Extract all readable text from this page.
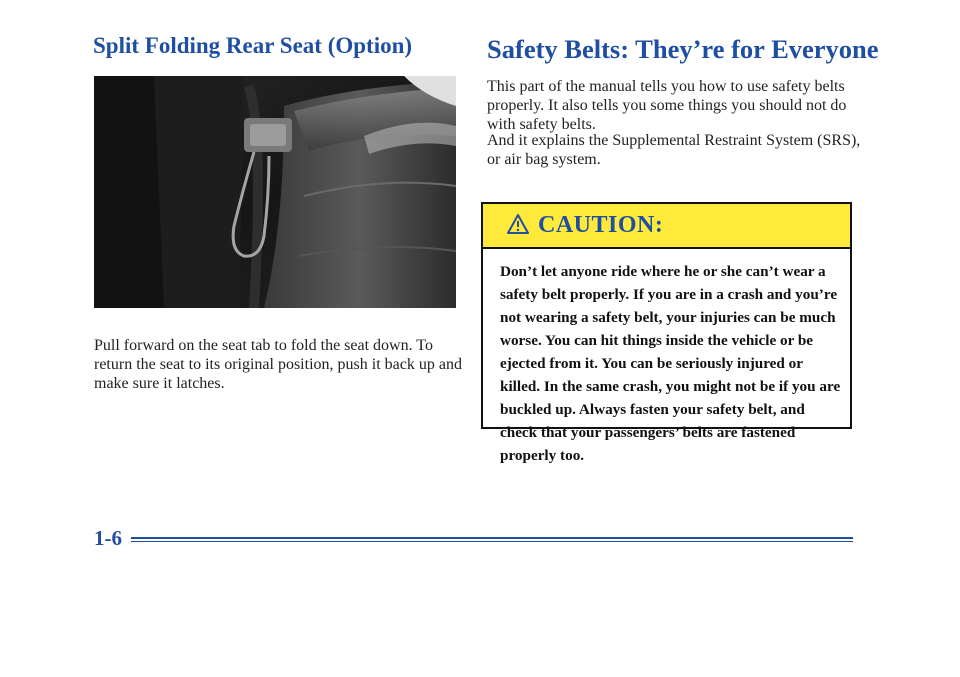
Split Folding Rear Seat (Option)

Pull forward on the seat tab to fold the seat down. To return the seat to its original position, push it back up and make sure it latches.

Safety Belts: They’re for Everyone

This part of the manual tells you how to use safety belts properly. It also tells you some things you should not do with safety belts.

And it explains the Supplemental Restraint System (SRS), or air bag system.

CAUTION:

Don’t let anyone ride where he or she can’t wear a safety belt properly. If you are in a crash and you’re not wearing a safety belt, your injuries can be much worse. You can hit things inside the vehicle or be ejected from it. You can be seriously injured or killed. In the same crash, you might not be if you are buckled up. Always fasten your safety belt, and check that your passengers’ belts are fastened properly too.

1-6
